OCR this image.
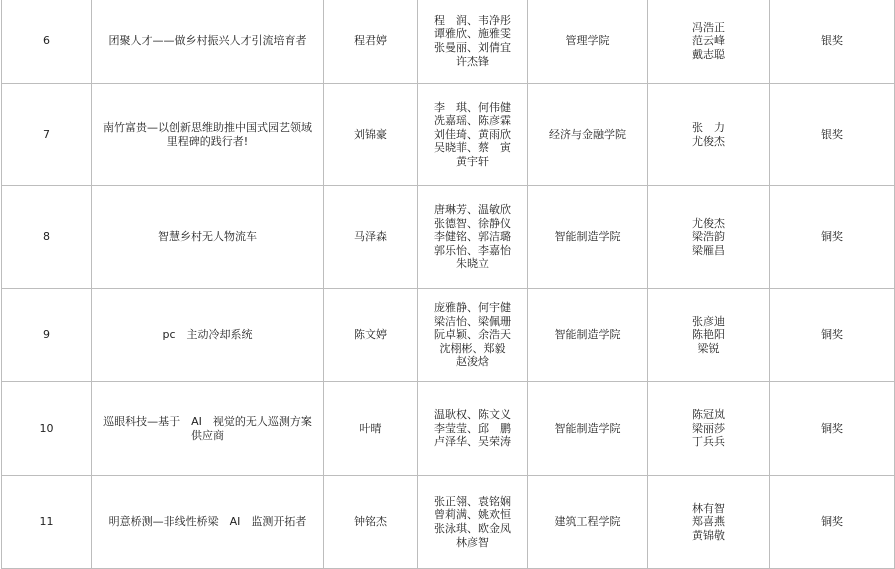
6	团聚人才——做乡村振兴人才引流培育者	程君婷	程　润、韦净彤
谭雅欣、施雅雯
张曼丽、刘倩宜
许杰锋	管理学院	冯浩正
范云峰
戴志聪	银奖
7	南竹富贵—以创新思维助推中国式园艺领域里程碑的践行者!	刘锦豪	李　琪、何伟健
冼嘉瑶、陈彦霖
刘佳琦、黄雨欣
吴晓菲、蔡　寅
黄宇轩	经济与金融学院	张　力
尤俊杰	银奖
8	智慧乡村无人物流车	马泽森	唐琳芳、温敏欣
张德智、徐静仪
李健铭、郭洁璐
郭乐怡、李嘉怡
朱晓立	智能制造学院	尤俊杰
梁浩韵
梁雁昌	铜奖
9	pc　主动冷却系统	陈文婷	庞雅静、何宇健
梁洁怡、梁佩珊
阮卓颖、余浩天
沈栩彬、郑毅
赵浚焓	智能制造学院	张彦迪
陈艳阳
梁锐	铜奖
10	巡眼科技—基于　AI　视觉的无人巡测方案供应商	叶晴	温耿权、陈文义
李莹莹、邱　鹏
卢泽华、吴荣涛	智能制造学院	陈冠岚
梁丽莎
丁兵兵	铜奖
11	明意桥测—非线性桥梁　AI　监测开拓者	钟铭杰	张正翎、袁铭娴
曾莉满、姚欢恒
张泳琪、欧金凤
林彦智	建筑工程学院	林有智
郑喜燕
黄锦敬	铜奖
